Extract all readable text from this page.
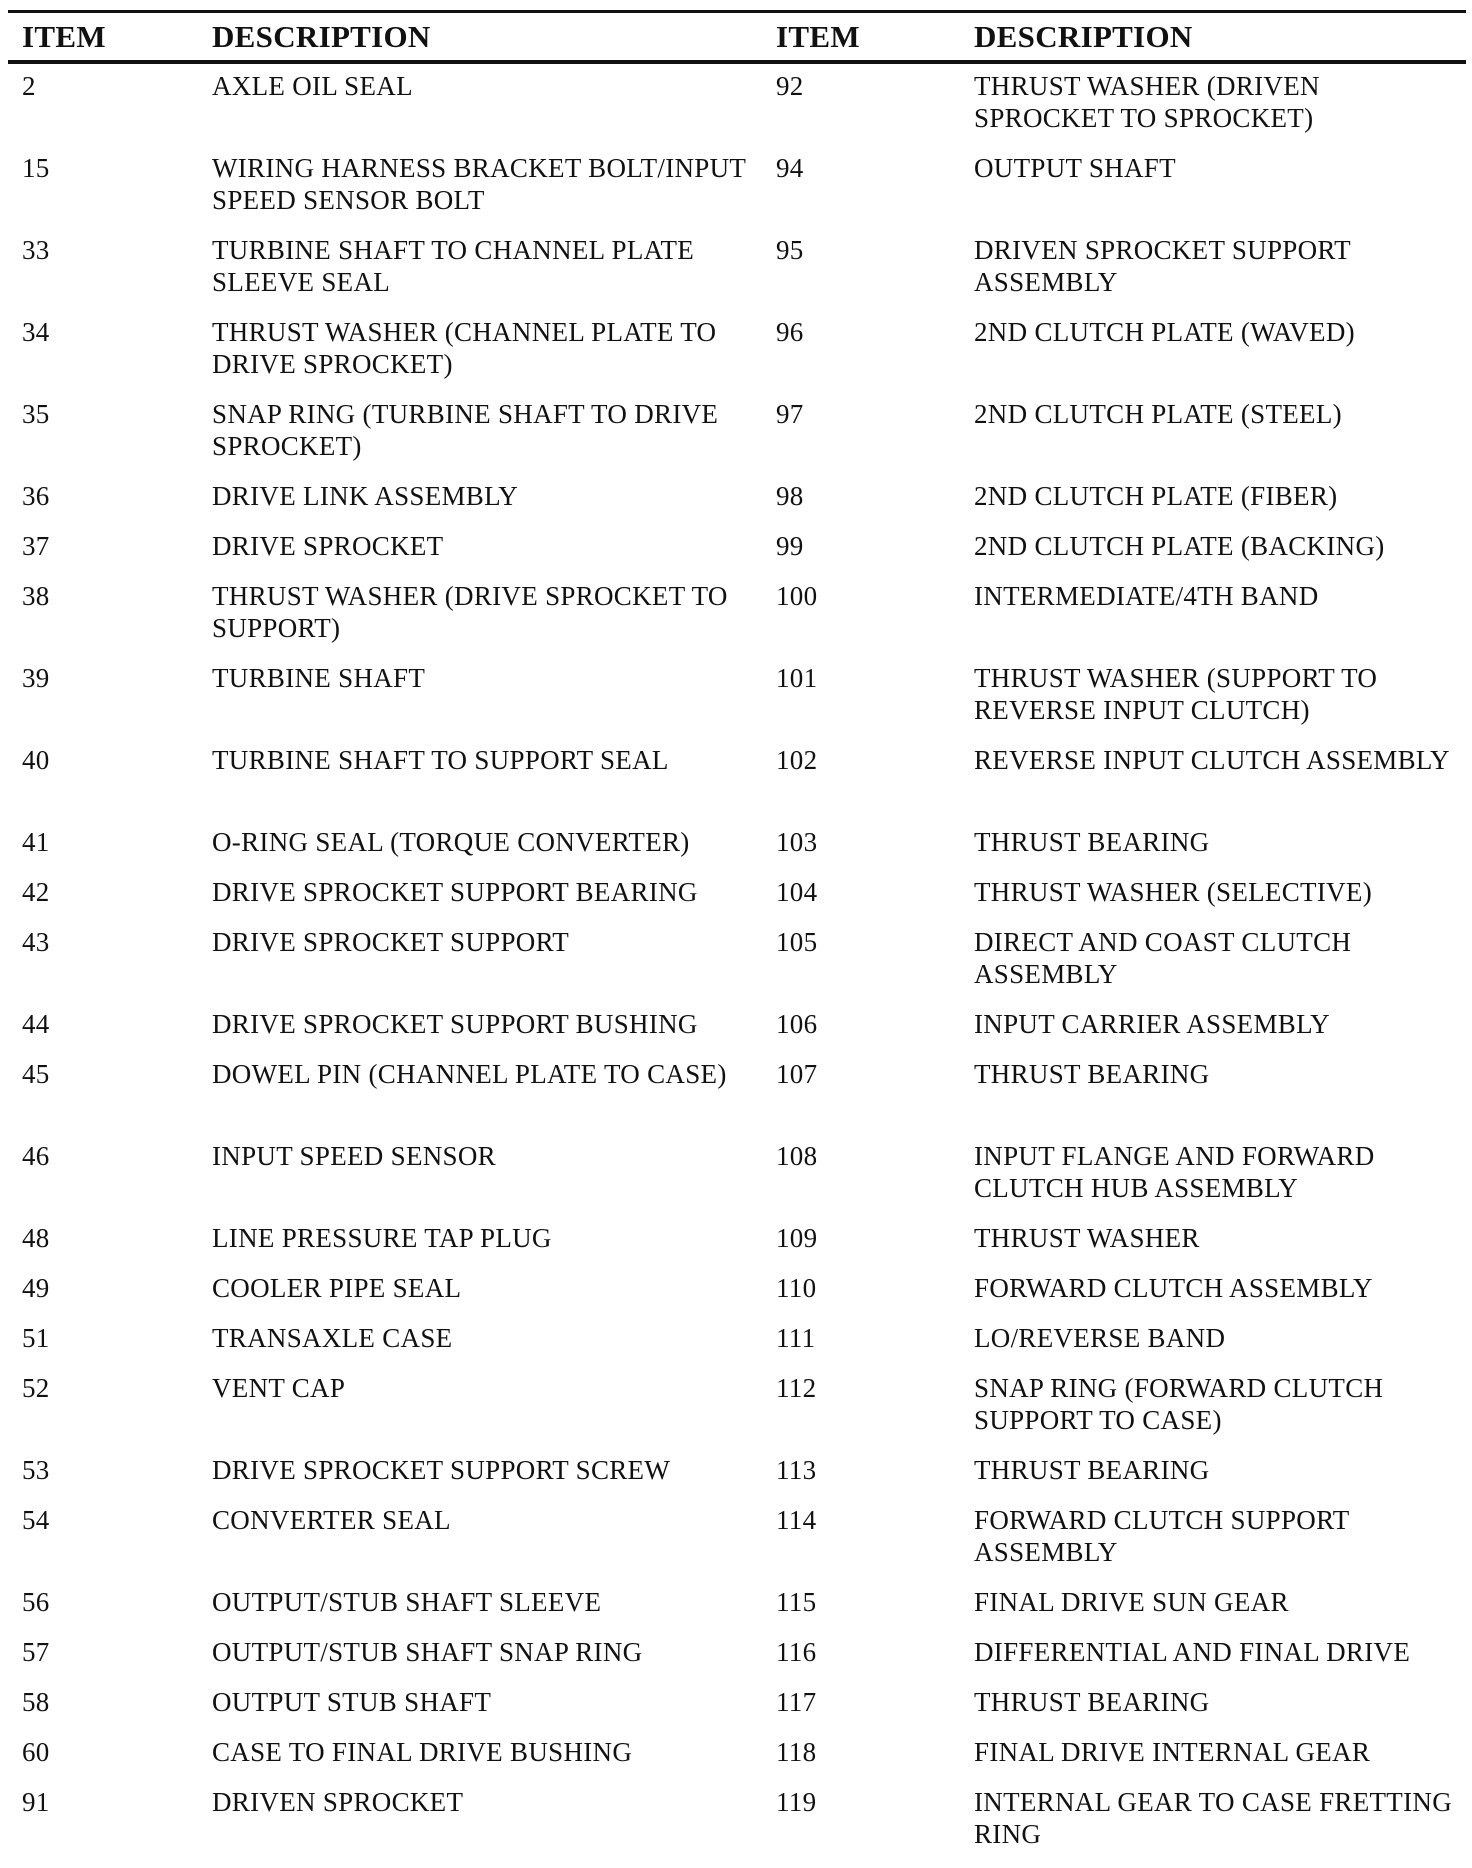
ITEM	DESCRIPTION	ITEM	DESCRIPTION
2	AXLE OIL SEAL	92	THRUST WASHER (DRIVEN SPROCKET TO SPROCKET)
15	WIRING HARNESS BRACKET BOLT/INPUT SPEED SENSOR BOLT	94	OUTPUT SHAFT
33	TURBINE SHAFT TO CHANNEL PLATE SLEEVE SEAL	95	DRIVEN SPROCKET SUPPORT ASSEMBLY
34	THRUST WASHER (CHANNEL PLATE TO DRIVE SPROCKET)	96	2ND CLUTCH PLATE (WAVED)
35	SNAP RING (TURBINE SHAFT TO DRIVE SPROCKET)	97	2ND CLUTCH PLATE (STEEL)
36	DRIVE LINK ASSEMBLY	98	2ND CLUTCH PLATE (FIBER)
37	DRIVE SPROCKET	99	2ND CLUTCH PLATE (BACKING)
38	THRUST WASHER (DRIVE SPROCKET TO SUPPORT)	100	INTERMEDIATE/4TH BAND
39	TURBINE SHAFT	101	THRUST WASHER (SUPPORT TO REVERSE INPUT CLUTCH)
40	TURBINE SHAFT TO SUPPORT SEAL	102	REVERSE INPUT CLUTCH ASSEMBLY
41	O-RING SEAL (TORQUE CONVERTER)	103	THRUST BEARING
42	DRIVE SPROCKET SUPPORT BEARING	104	THRUST WASHER (SELECTIVE)
43	DRIVE SPROCKET SUPPORT	105	DIRECT AND COAST CLUTCH ASSEMBLY
44	DRIVE SPROCKET SUPPORT BUSHING	106	INPUT CARRIER ASSEMBLY
45	DOWEL PIN (CHANNEL PLATE TO CASE)	107	THRUST BEARING
46	INPUT SPEED SENSOR	108	INPUT FLANGE AND FORWARD CLUTCH HUB ASSEMBLY
48	LINE PRESSURE TAP PLUG	109	THRUST WASHER
49	COOLER PIPE SEAL	110	FORWARD CLUTCH ASSEMBLY
51	TRANSAXLE CASE	111	LO/REVERSE BAND
52	VENT CAP	112	SNAP RING (FORWARD CLUTCH SUPPORT TO CASE)
53	DRIVE SPROCKET SUPPORT SCREW	113	THRUST BEARING
54	CONVERTER SEAL	114	FORWARD CLUTCH SUPPORT ASSEMBLY
56	OUTPUT/STUB SHAFT SLEEVE	115	FINAL DRIVE SUN GEAR
57	OUTPUT/STUB SHAFT SNAP RING	116	DIFFERENTIAL AND FINAL DRIVE
58	OUTPUT STUB SHAFT	117	THRUST BEARING
60	CASE TO FINAL DRIVE BUSHING	118	FINAL DRIVE INTERNAL GEAR
91	DRIVEN SPROCKET	119	INTERNAL GEAR TO CASE FRETTING RING
